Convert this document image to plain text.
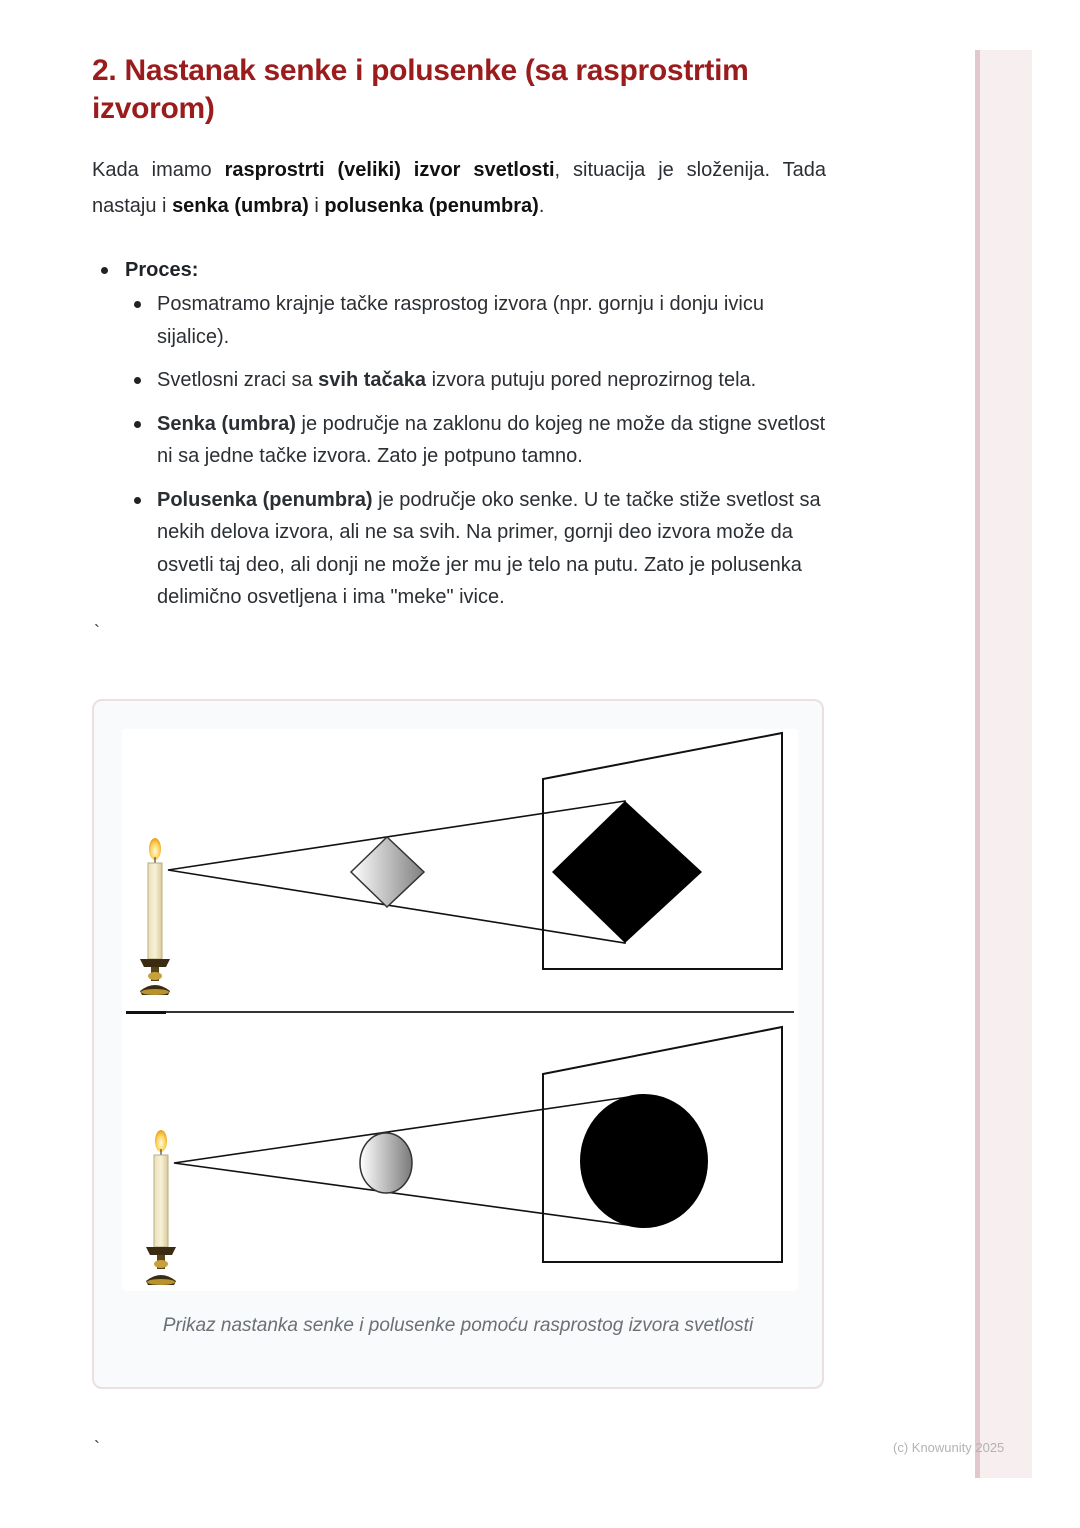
2. Nastanak senke i polusenke (sa rasprostrtim izvorom)

Kada imamo rasprostrti (veliki) izvor svetlosti, situacija je složenija. Tada nastaju i senka (umbra) i polusenka (penumbra).

Proces:
Posmatramo krajnje tačke rasprostog izvora (npr. gornju i donju ivicu sijalice).
Svetlosni zraci sa svih tačaka izvora putuju pored neprozirnog tela.
Senka (umbra) je područje na zaklonu do kojeg ne može da stigne svetlost ni sa jedne tačke izvora. Zato je potpuno tamno.
Polusenka (penumbra) je područje oko senke. U te tačke stiže svetlost sa nekih delova izvora, ali ne sa svih. Na primer, gornji deo izvora može da osvetli taj deo, ali donji ne može jer mu je telo na putu. Zato je polusenka delimično osvetljena i ima "meke" ivice.
`
Prikaz nastanka senke i polusenke pomoću rasprostog izvora svetlosti
`	(c) Knowunity 2025
